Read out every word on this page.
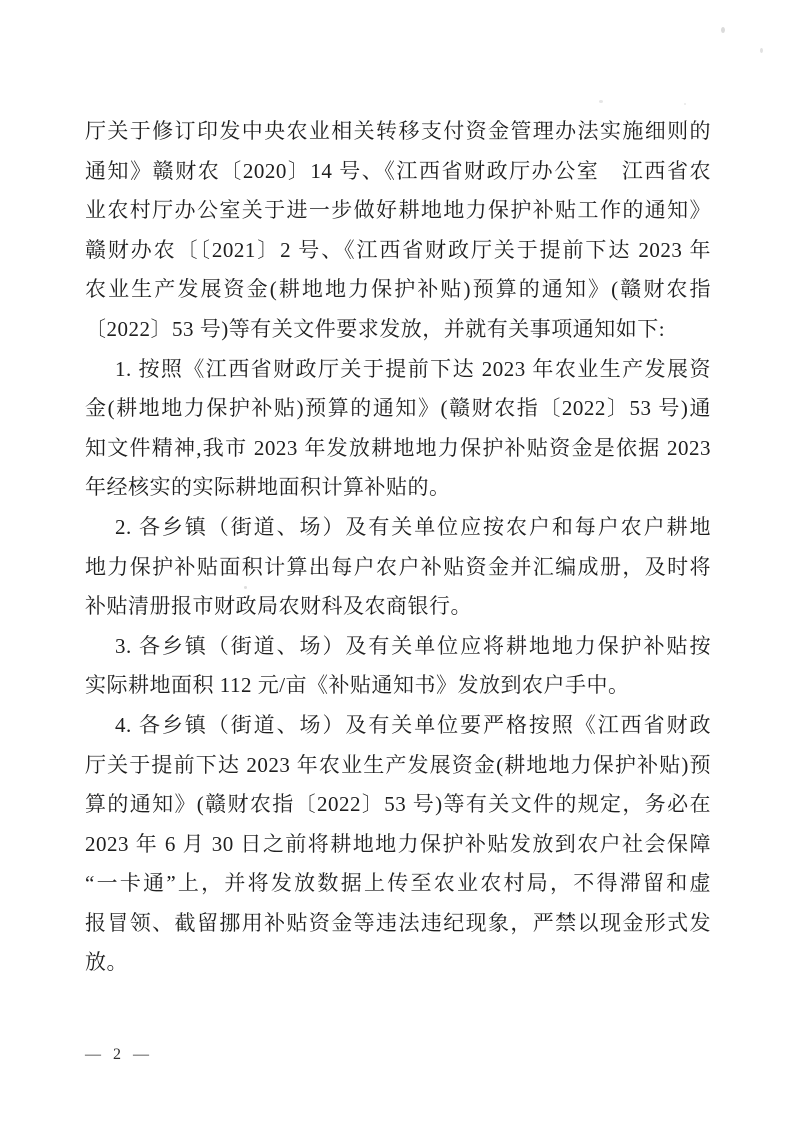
厅关于修订印发中央农业相关转移支付资金管理办法实施细则的
通知》赣财农〔2020〕14 号、《江西省财政厅办公室　江西省农
业农村厅办公室关于进一步做好耕地地力保护补贴工作的通知》
赣财办农〔〔2021〕2 号、《江西省财政厅关于提前下达 2023 年
农业生产发展资金(耕地地力保护补贴)预算的通知》(赣财农指
〔2022〕53 号)等有关文件要求发放，并就有关事项通知如下:
1. 按照《江西省财政厅关于提前下达 2023 年农业生产发展资
金(耕地地力保护补贴)预算的通知》(赣财农指〔2022〕53 号)通
知文件精神,我市 2023 年发放耕地地力保护补贴资金是依据 2023
年经核实的实际耕地面积计算补贴的。
2. 各乡镇（街道、场）及有关单位应按农户和每户农户耕地
地力保护补贴面积计算出每户农户补贴资金并汇编成册，及时将
补贴清册报市财政局农财科及农商银行。
3. 各乡镇（街道、场）及有关单位应将耕地地力保护补贴按
实际耕地面积 112 元/亩《补贴通知书》发放到农户手中。
4. 各乡镇（街道、场）及有关单位要严格按照《江西省财政
厅关于提前下达 2023 年农业生产发展资金(耕地地力保护补贴)预
算的通知》(赣财农指〔2022〕53 号)等有关文件的规定，务必在
2023 年 6 月 30 日之前将耕地地力保护补贴发放到农户社会保障
“一卡通”上，并将发放数据上传至农业农村局，不得滞留和虚
报冒领、截留挪用补贴资金等违法违纪现象，严禁以现金形式发
放。
— 2 —
